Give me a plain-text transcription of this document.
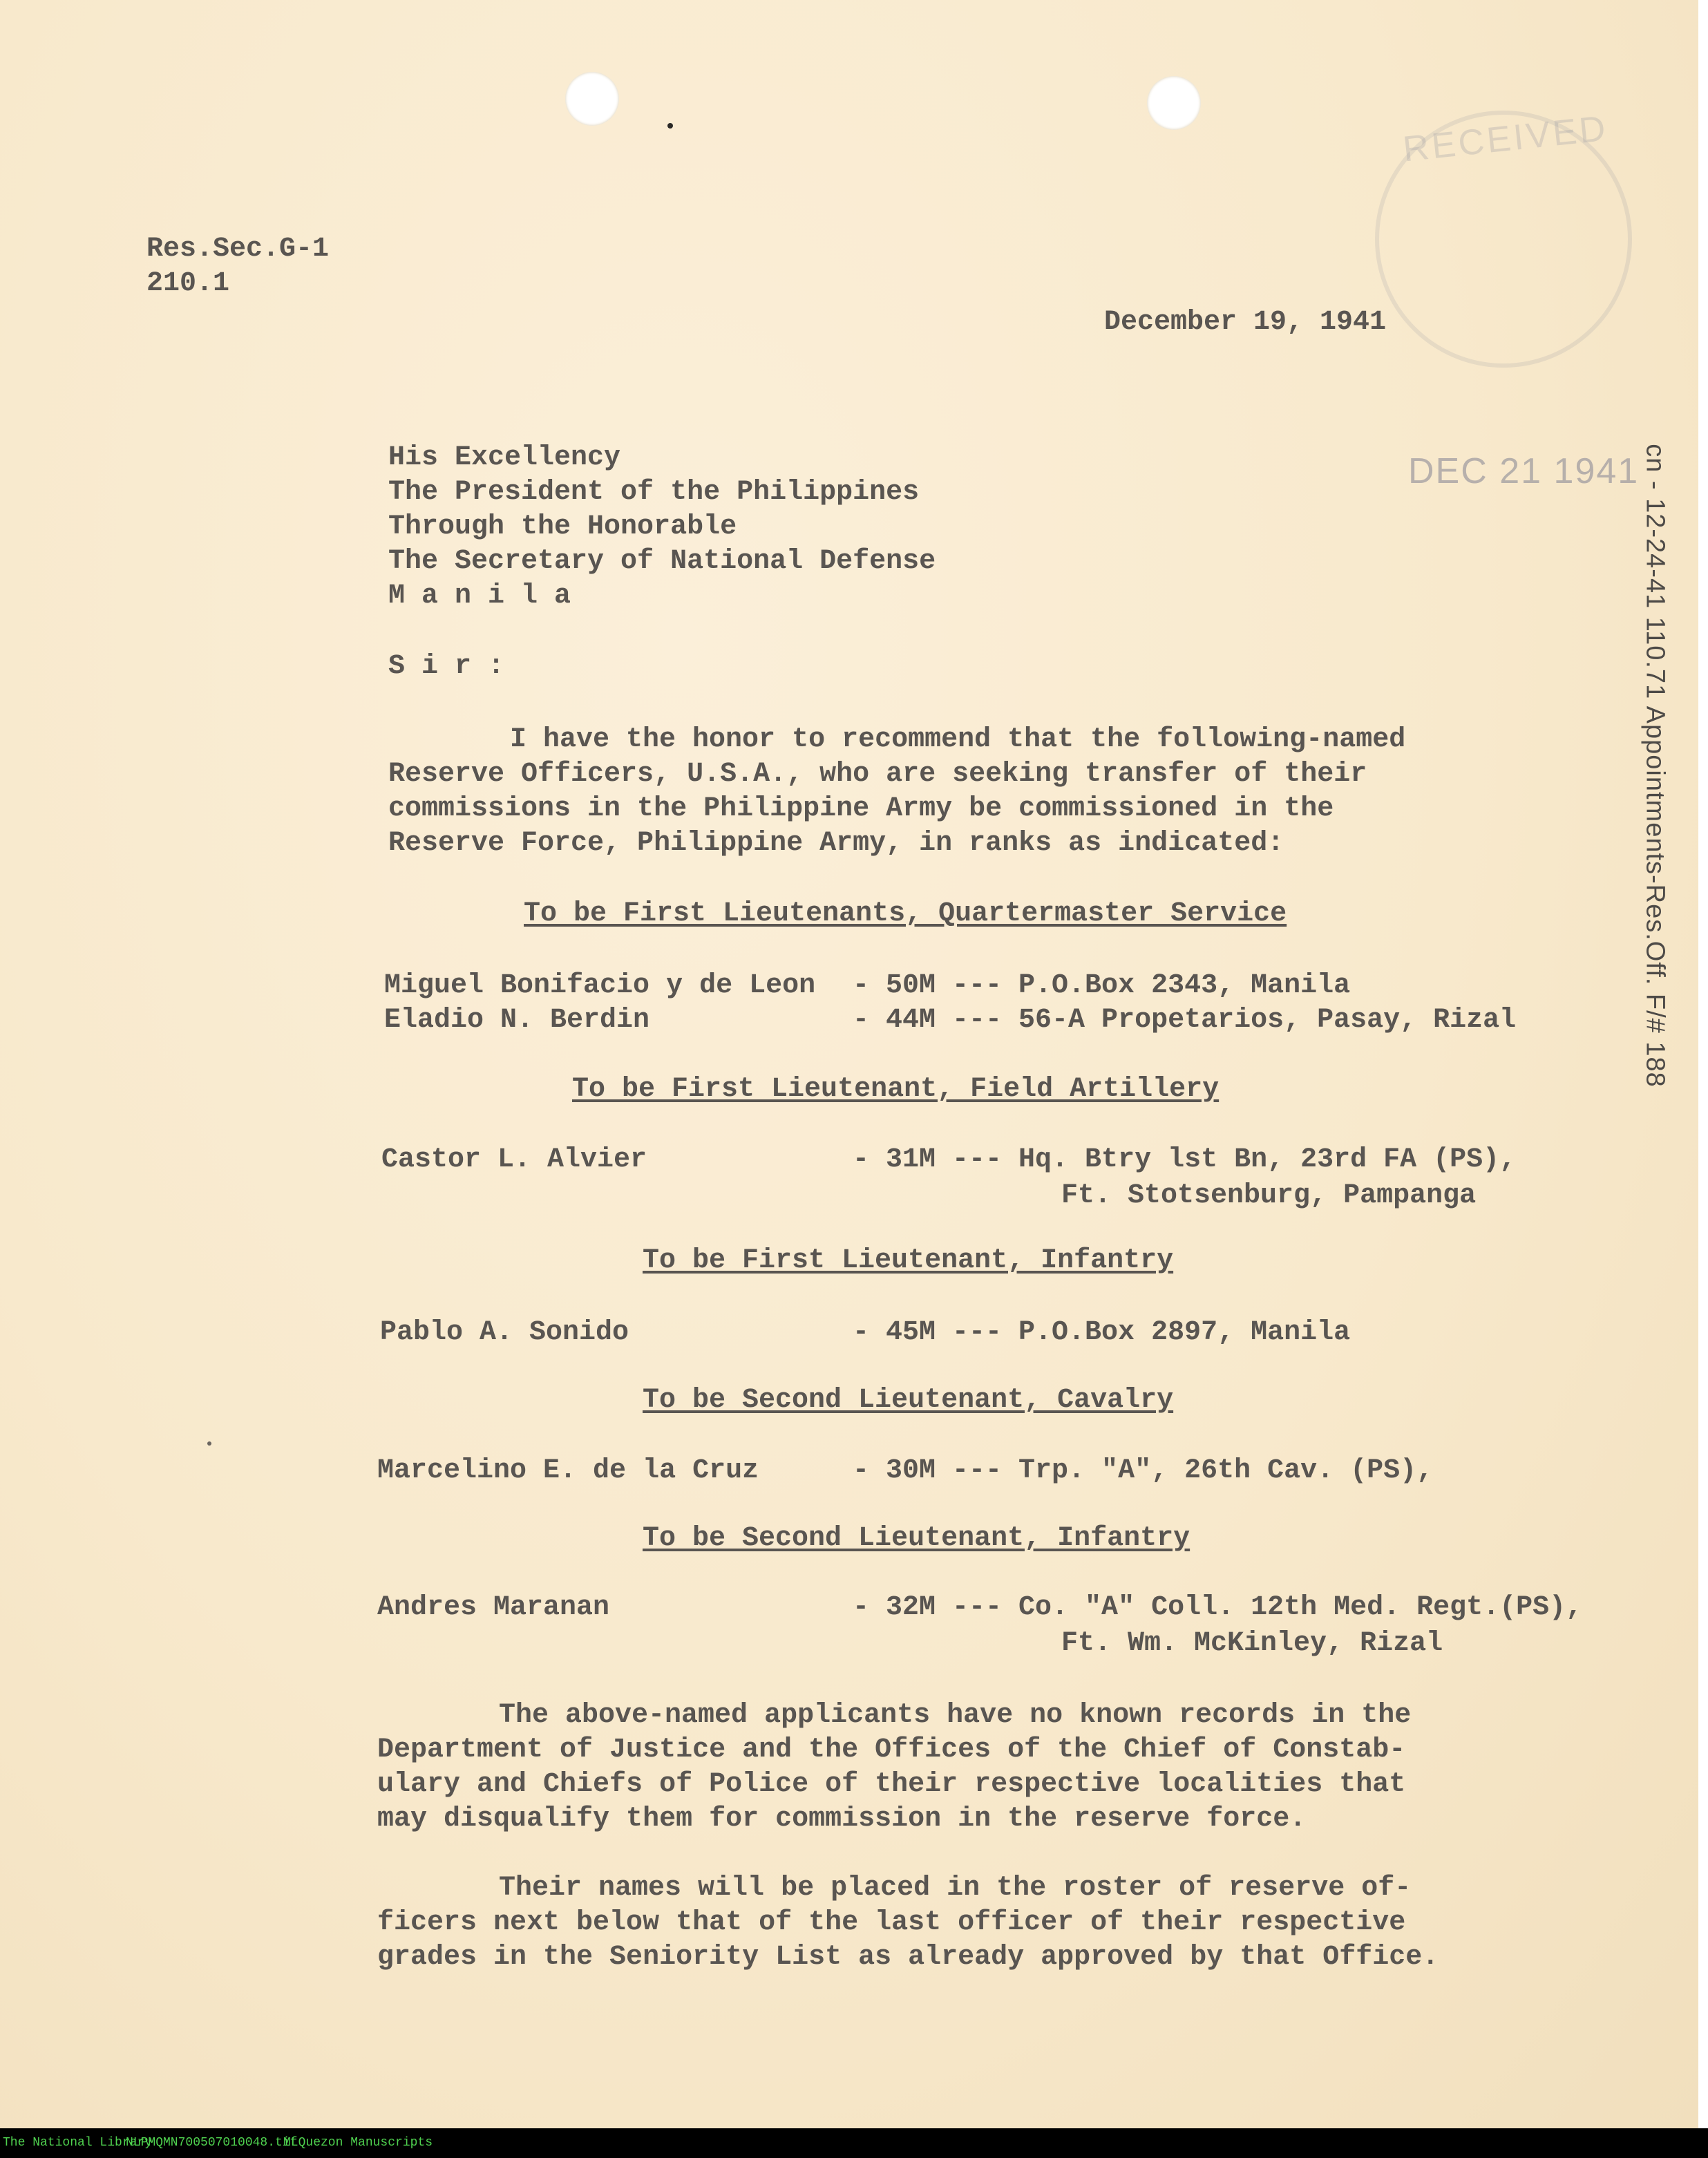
RECEIVED
DEC 21 1941
Res.Sec.G-1
210.1
December 19, 1941
His Excellency
The President of the Philippines
Through the Honorable
The Secretary of National Defense
M a n i l a
S i r :
I have the honor to recommend that the following-named
Reserve Officers, U.S.A., who are seeking transfer of their
commissions in the Philippine Army be commissioned in the
Reserve Force, Philippine Army, in ranks as indicated:
To be First Lieutenants, Quartermaster Service
Miguel Bonifacio y de Leon - 50M --- P.O.Box 2343, Manila
Eladio N. Berdin	- 44M --- 56-A Propetarios, Pasay, Rizal
To be First Lieutenant, Field Artillery
Castor L. Alvier	- 31M --- Hq. Btry lst Bn, 23rd FA (PS),
Ft. Stotsenburg, Pampanga
To be First Lieutenant, Infantry
Pablo A. Sonido	- 45M --- P.O.Box 2897, Manila
To be Second Lieutenant, Cavalry
Marcelino E. de la Cruz	- 30M --- Trp. "A", 26th Cav. (PS),
To be Second Lieutenant, Infantry
Andres Maranan	- 32M --- Co. "A" Coll. 12th Med. Regt.(PS),
Ft. Wm. McKinley, Rizal
The above-named applicants have no known records in the
Department of Justice and the Offices of the Chief of Constab-
ulary and Chiefs of Police of their respective localities that
may disqualify them for commission in the reserve force.
Their names will be placed in the roster of reserve of-
ficers next below that of the last officer of their respective
grades in the Seniority List as already approved by that Office.
cn - 12-24-41 110.71 Appointments-Res.Off. F/# 188
The National Library
NLPMQMN700507010048.tif
MLQuezon Manuscripts
